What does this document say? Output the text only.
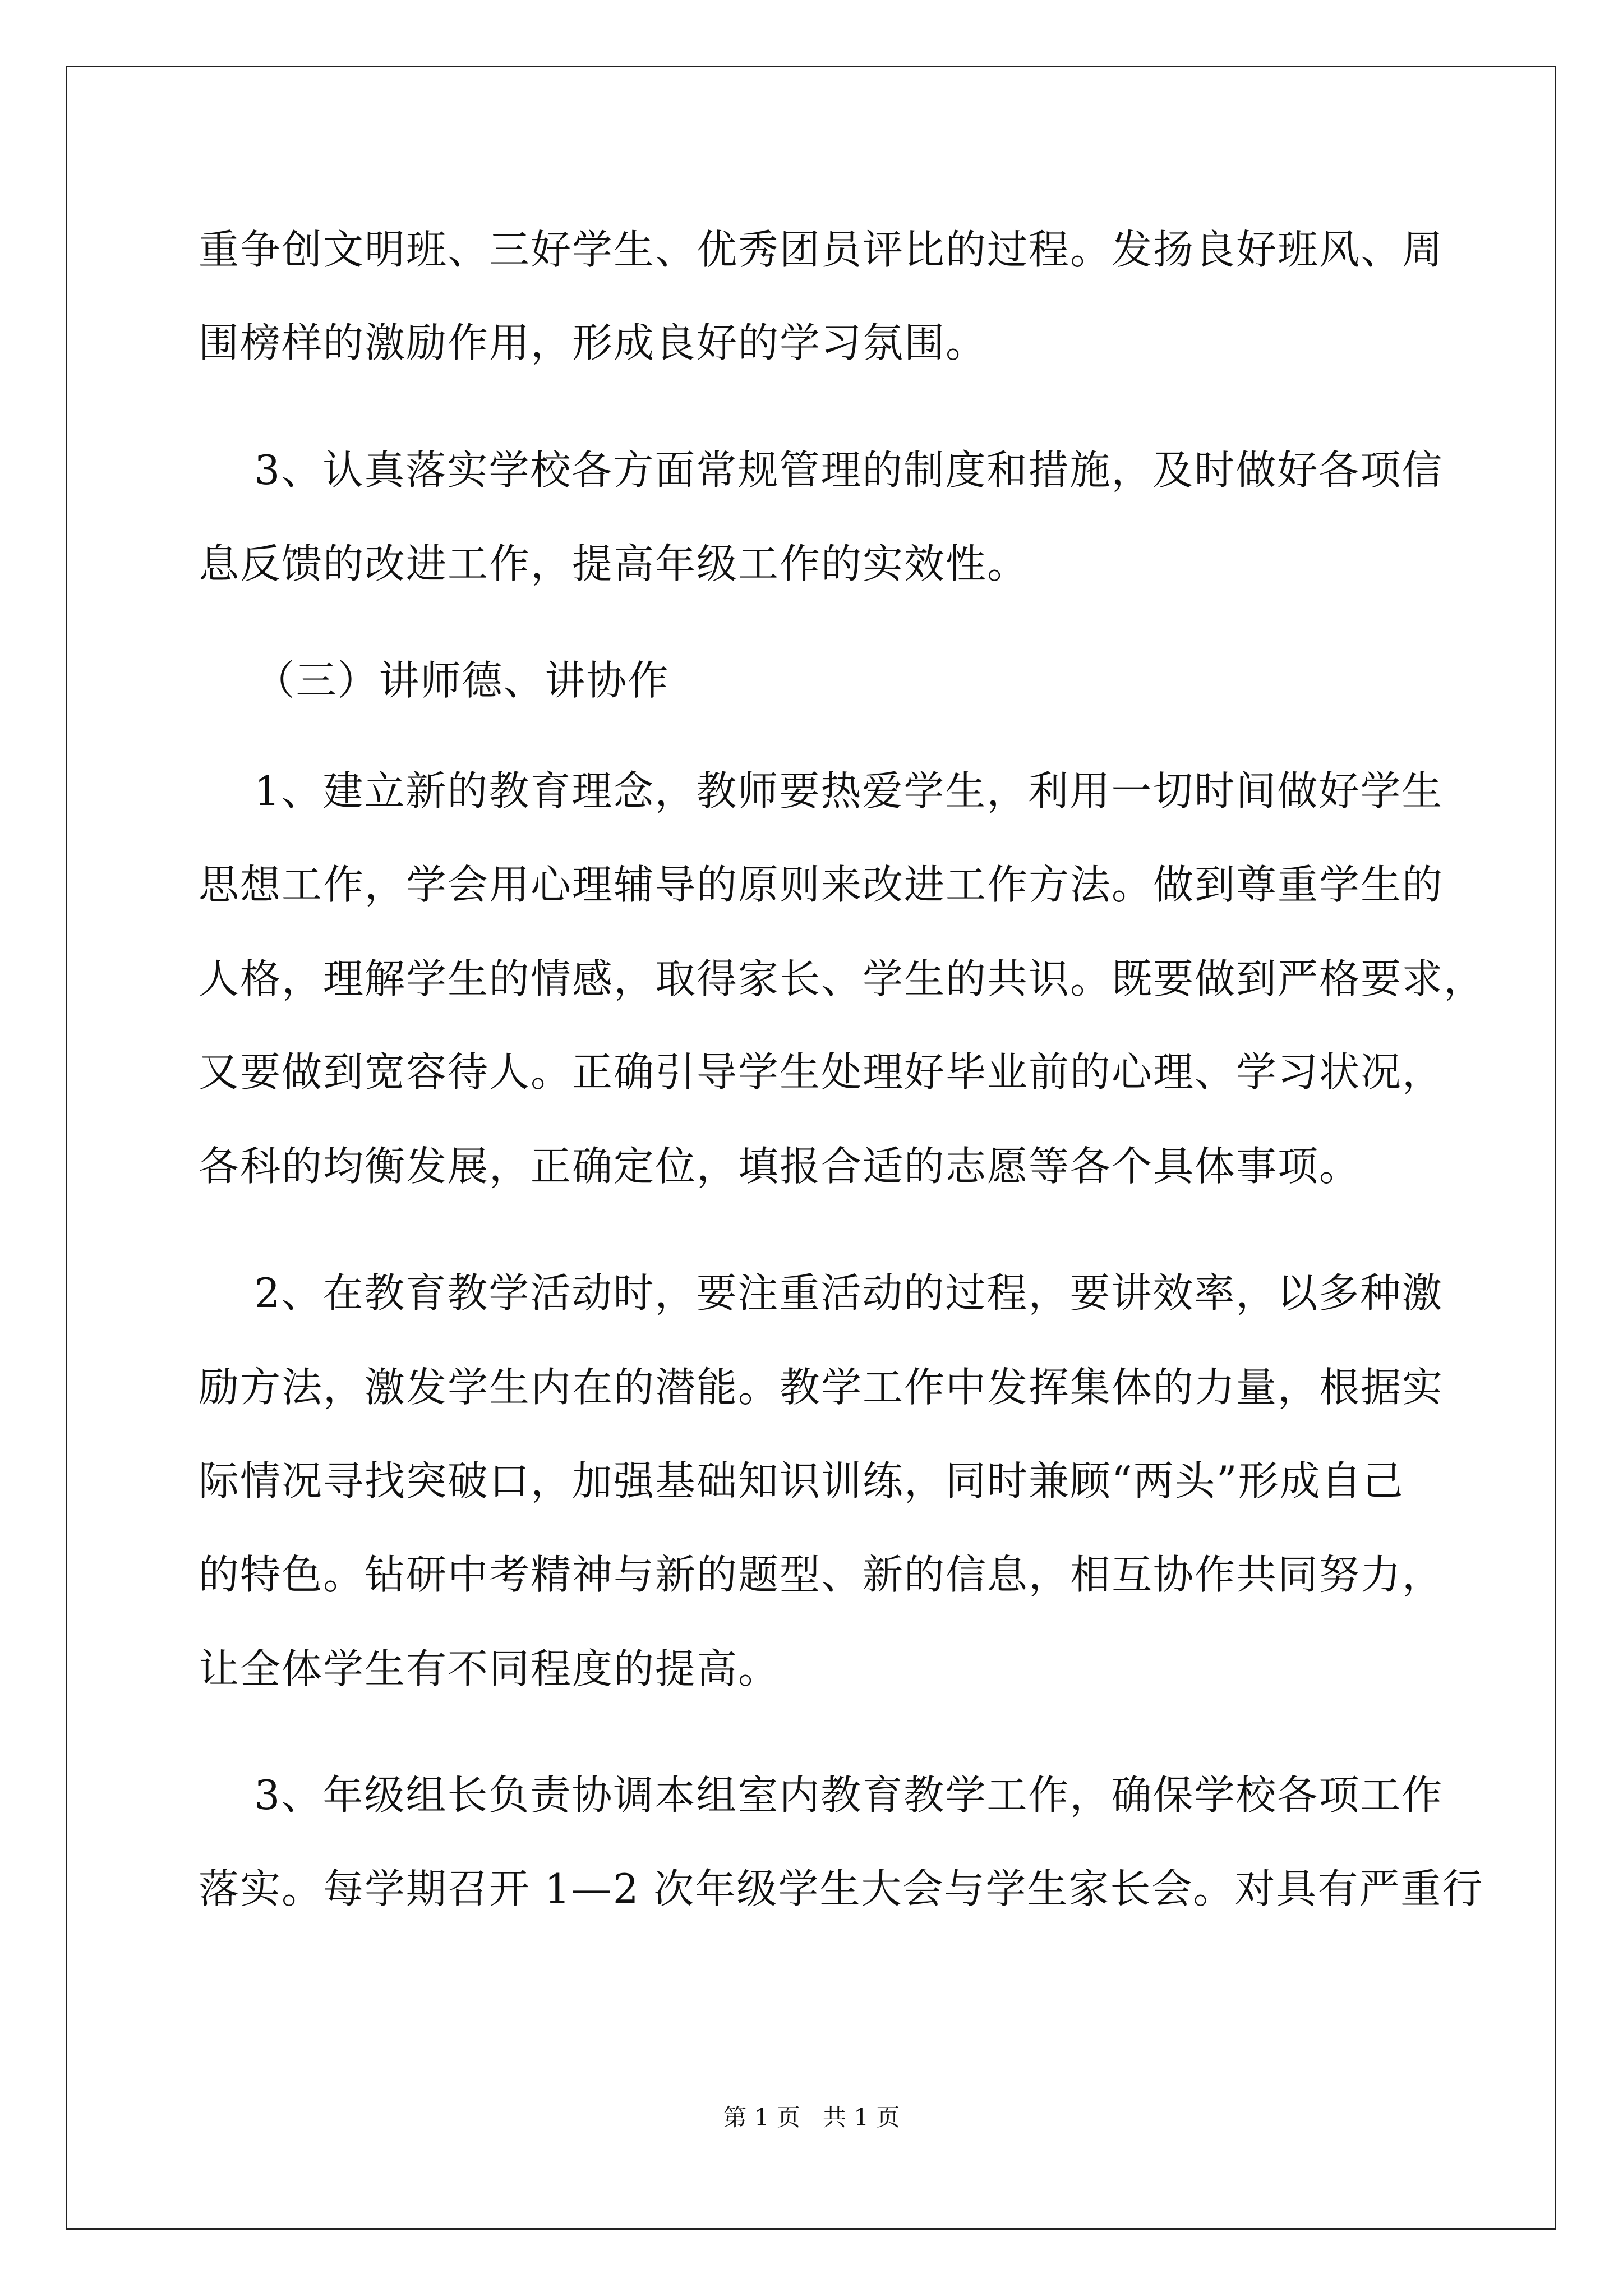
重争创文明班、三好学生、优秀团员评比的过程。发扬良好班风、周
围榜样的激励作用，形成良好的学习氛围。
3、认真落实学校各方面常规管理的制度和措施，及时做好各项信
息反馈的改进工作，提高年级工作的实效性。
（三）讲师德、讲协作
1、建立新的教育理念，教师要热爱学生，利用一切时间做好学生
思想工作，学会用心理辅导的原则来改进工作方法。做到尊重学生的
人格，理解学生的情感，取得家长、学生的共识。既要做到严格要求，
又要做到宽容待人。正确引导学生处理好毕业前的心理、学习状况，
各科的均衡发展，正确定位，填报合适的志愿等各个具体事项。
2、在教育教学活动时，要注重活动的过程，要讲效率，以多种激
励方法，激发学生内在的潜能。教学工作中发挥集体的力量，根据实
际情况寻找突破口，加强基础知识训练，同时兼顾“两头”形成自己
的特色。钻研中考精神与新的题型、新的信息，相互协作共同努力，
让全体学生有不同程度的提高。
3、年级组长负责协调本组室内教育教学工作，确保学校各项工作
落实。每学期召开 1—2 次年级学生大会与学生家长会。对具有严重行
第 1 页   共 1 页
